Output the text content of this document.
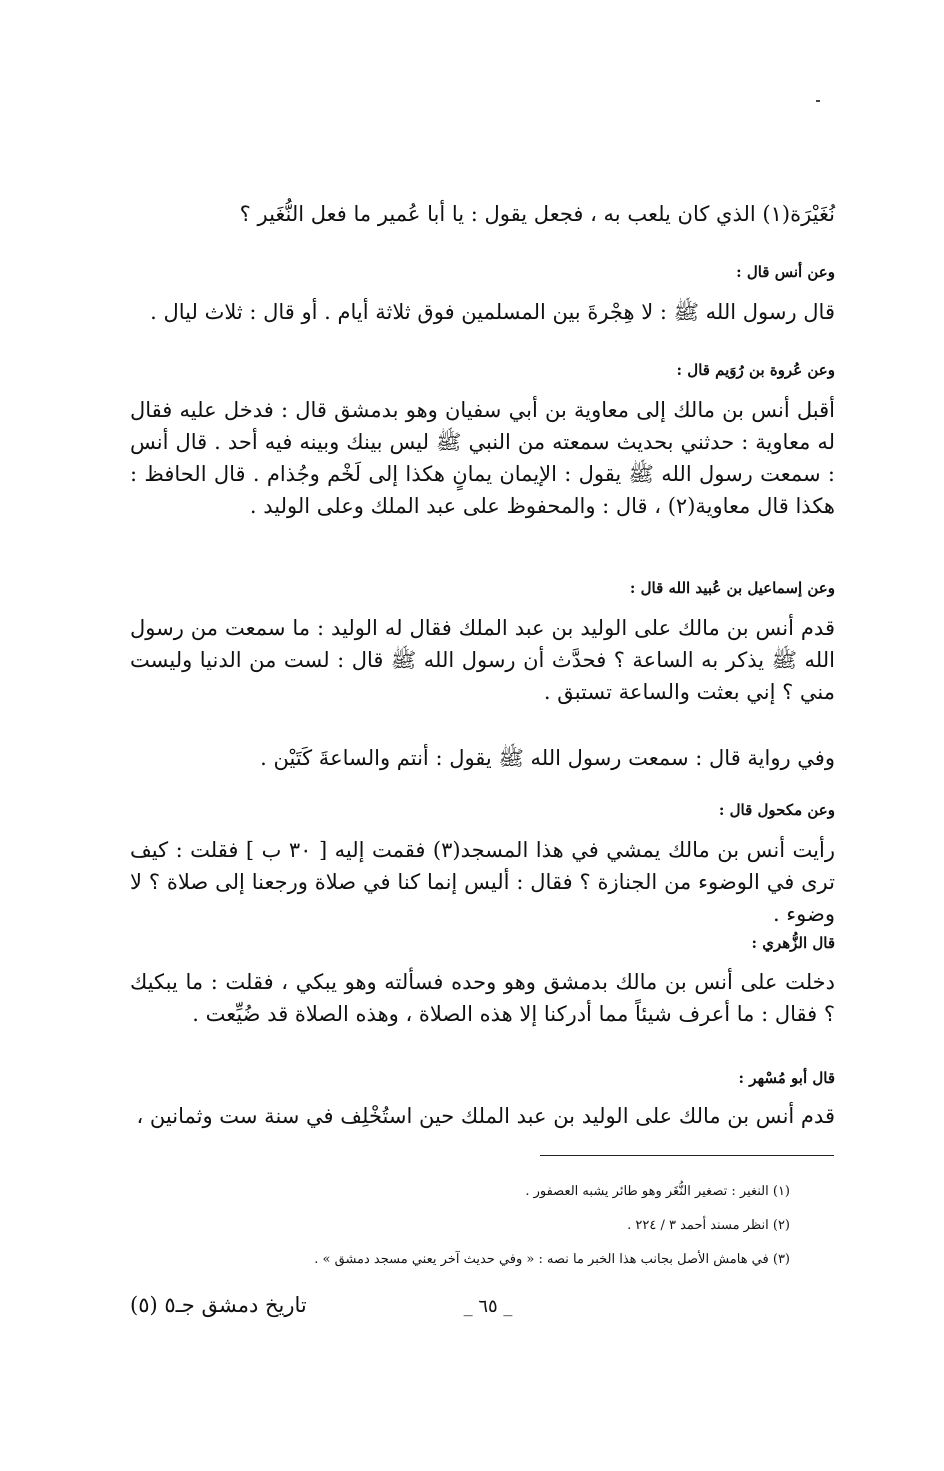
نُغَيْرَة(١) الذي كان يلعب به ، فجعل يقول : يا أبا عُمير ما فعل النُّغَير ؟
وعن أنس قال :
قال رسول الله ﷺ : لا هِجْرةَ بين المسلمين فوق ثلاثة أيام . أو قال : ثلاث ليال .
وعن عُروة بن رُوَيم قال :
أقبل أنس بن مالك إلى معاوية بن أبي سفيان وهو بدمشق قال : فدخل عليه فقال له معاوية : حدثني بحديث سمعته من النبي ﷺ ليس بينك وبينه فيه أحد . قال أنس : سمعت رسول الله ﷺ يقول : الإيمان يمانٍ هكذا إلى لَخْم وجُذام . قال الحافظ : هكذا قال معاوية(٢) ، قال : والمحفوظ على عبد الملك وعلى الوليد .
وعن إسماعيل بن عُبيد الله قال :
قدم أنس بن مالك على الوليد بن عبد الملك فقال له الوليد : ما سمعت من رسول الله ﷺ يذكر به الساعة ؟ فحدَّث أن رسول الله ﷺ قال : لست من الدنيا وليست مني ؟ إني بعثت والساعة تستبق .
وفي رواية قال : سمعت رسول الله ﷺ يقول : أنتم والساعةَ كَتَيْن .
وعن مكحول قال :
رأيت أنس بن مالك يمشي في هذا المسجد(٣) فقمت إليه [ ٣٠ ب ] فقلت : كيف ترى في الوضوء من الجنازة ؟ فقال : أليس إنما كنا في صلاة ورجعنا إلى صلاة ؟ لا وضوء .
قال الزُّهري :
دخلت على أنس بن مالك بدمشق وهو وحده فسألته وهو يبكي ، فقلت : ما يبكيك ؟ فقال : ما أعرف شيئاً مما أدركنا إلا هذه الصلاة ، وهذه الصلاة قد ضُيِّعت .
قال أبو مُسْهر :
قدم أنس بن مالك على الوليد بن عبد الملك حين استُخْلِف في سنة ست وثمانين ،
(١) النغير : تصغير النُّغَر وهو طائر يشبه العصفور .
(٢) انظر مسند أحمد ٣ / ٢٢٤ .
(٣) في هامش الأصل بجانب هذا الخبر ما نصه : « وفي حديث آخر يعني مسجد دمشق » .
تاريخ دمشق جـ٥ (٥)	_ ٦٥ _
